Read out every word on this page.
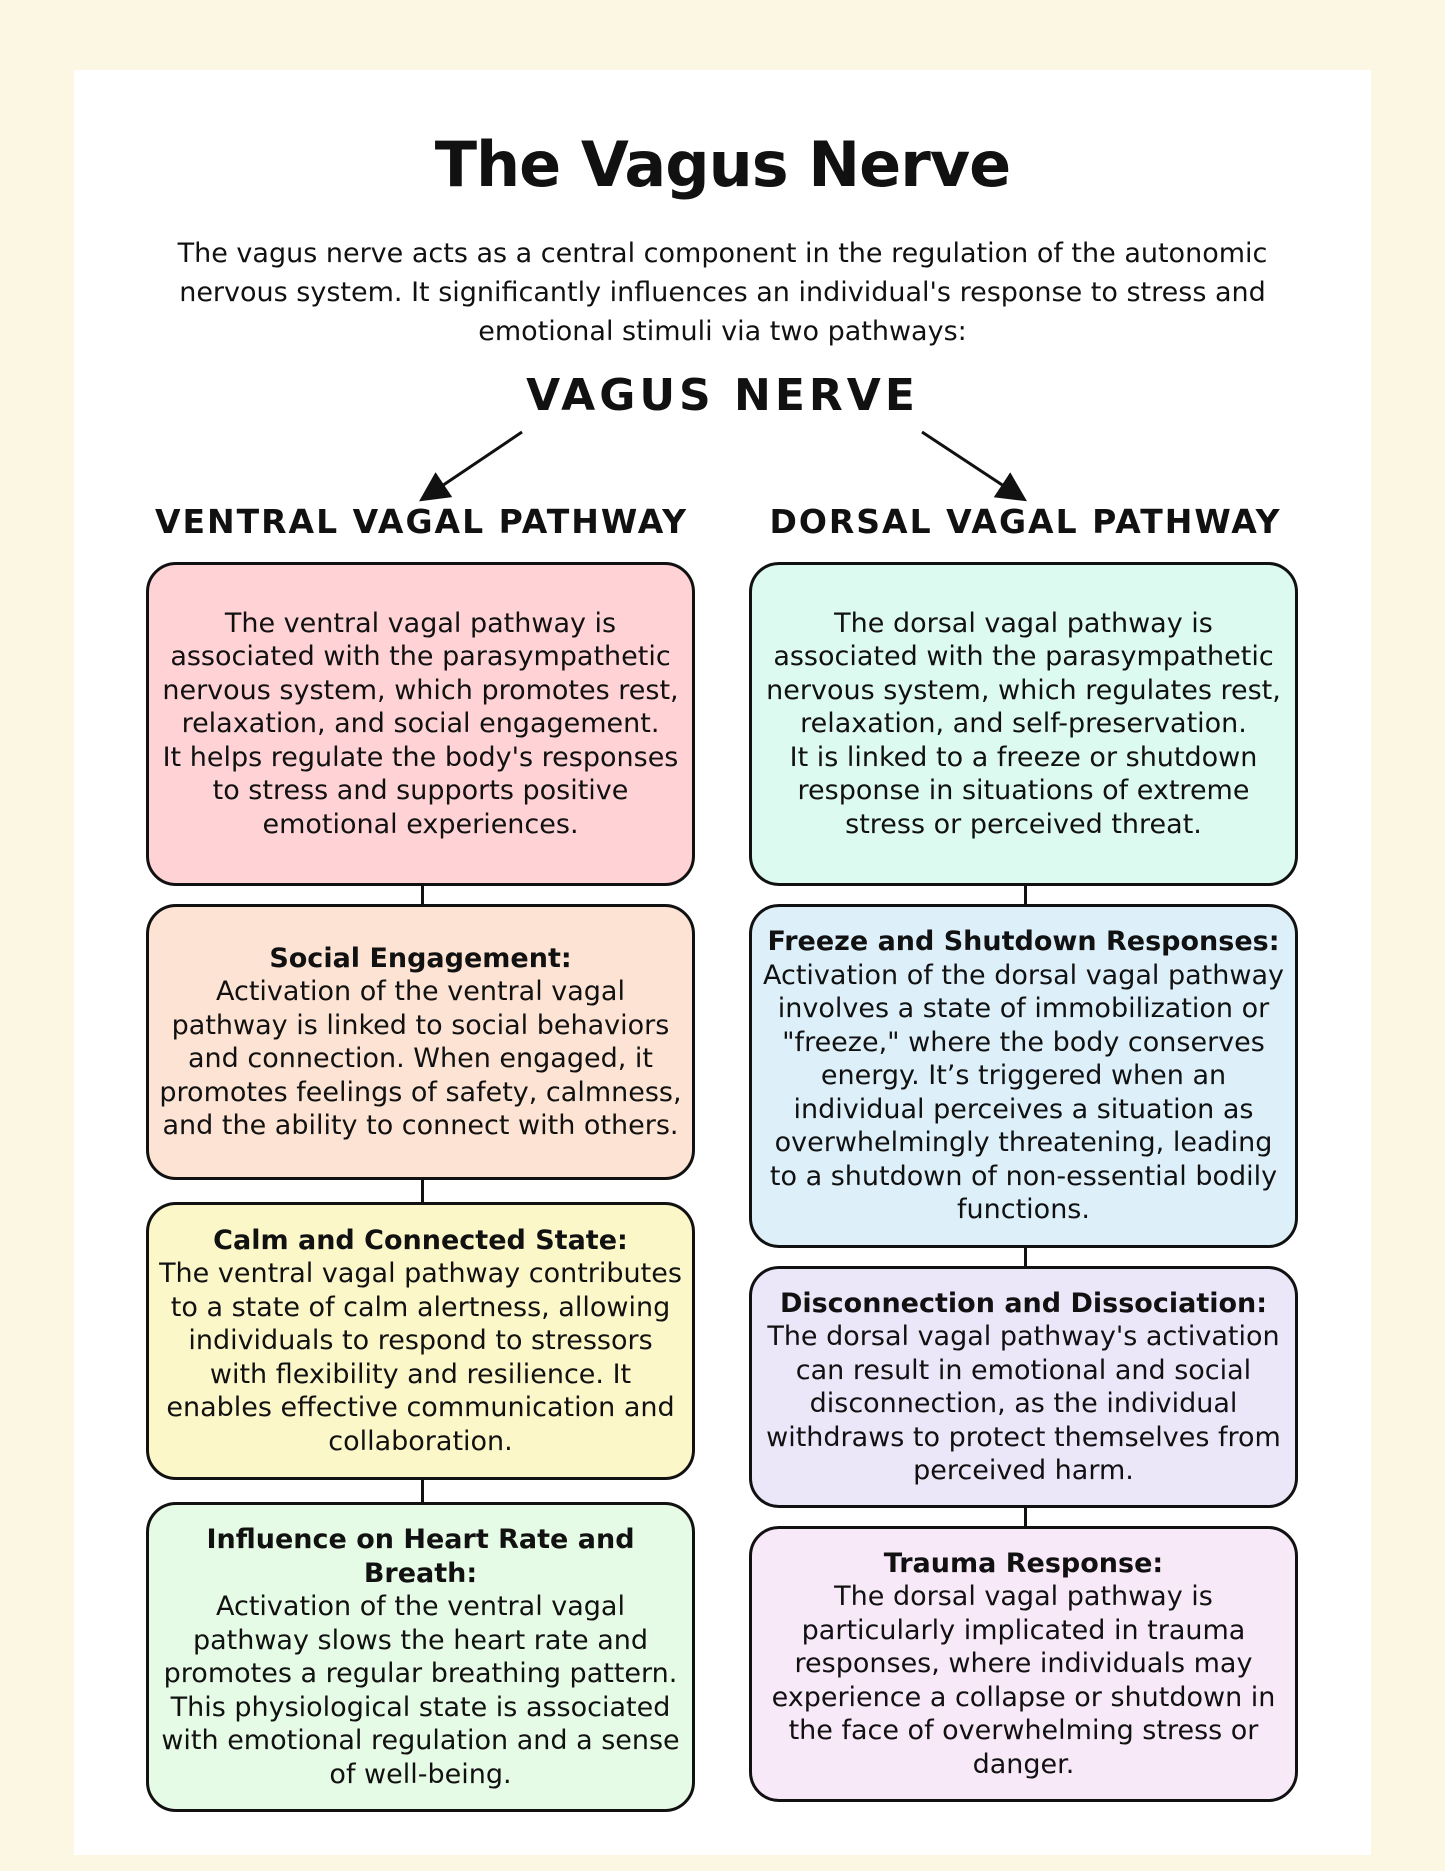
The Vagus Nerve
The vagus nerve acts as a central component in the regulation of the autonomic nervous system. It significantly influences an individual's response to stress and emotional stimuli via two pathways:
VAGUS NERVE
VENTRAL VAGAL PATHWAY	DORSAL VAGAL PATHWAY
The ventral vagal pathway is associated with the parasympathetic nervous system, which promotes rest, relaxation, and social engagement.
It helps regulate the body's responses to stress and supports positive emotional experiences.
Social Engagement:
Activation of the ventral vagal pathway is linked to social behaviors and connection. When engaged, it promotes feelings of safety, calmness, and the ability to connect with others.
Calm and Connected State:
The ventral vagal pathway contributes to a state of calm alertness, allowing individuals to respond to stressors with flexibility and resilience. It enables effective communication and collaboration.
Influence on Heart Rate and Breath:
Activation of the ventral vagal pathway slows the heart rate and promotes a regular breathing pattern.
This physiological state is associated with emotional regulation and a sense of well-being.
The dorsal vagal pathway is associated with the parasympathetic nervous system, which regulates rest, relaxation, and self-preservation.
It is linked to a freeze or shutdown response in situations of extreme stress or perceived threat.
Freeze and Shutdown Responses:
Activation of the dorsal vagal pathway involves a state of immobilization or "freeze," where the body conserves energy. It’s triggered when an individual perceives a situation as overwhelmingly threatening, leading to a shutdown of non-essential bodily functions.
Disconnection and Dissociation:
The dorsal vagal pathway's activation can result in emotional and social disconnection, as the individual withdraws to protect themselves from perceived harm.
Trauma Response:
The dorsal vagal pathway is particularly implicated in trauma responses, where individuals may experience a collapse or shutdown in the face of overwhelming stress or danger.
